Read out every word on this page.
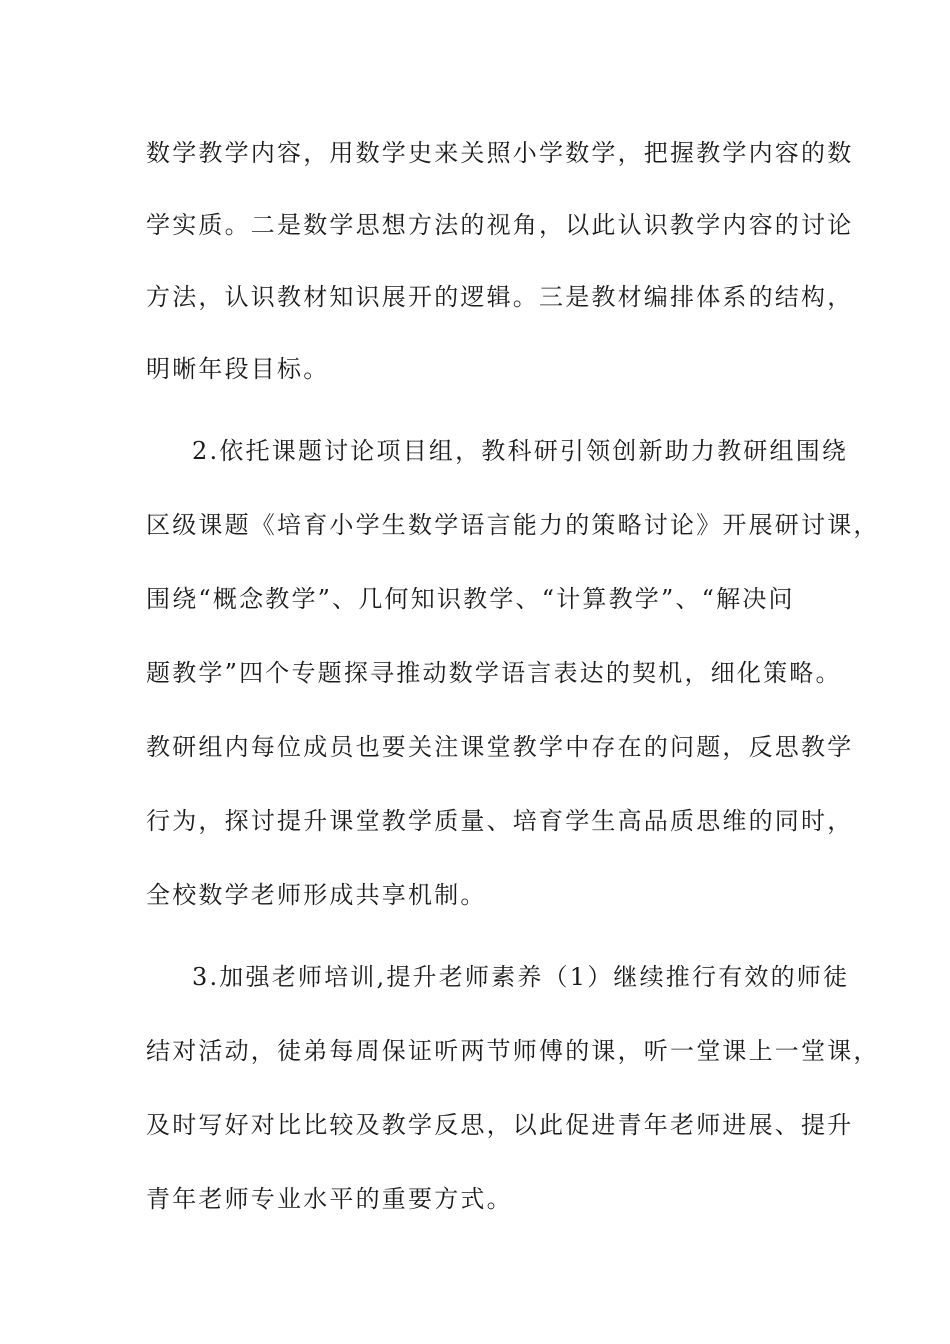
数学教学内容，用数学史来关照小学数学，把握教学内容的数
学实质。二是数学思想方法的视角，以此认识教学内容的讨论
方法，认识教材知识展开的逻辑。三是教材编排体系的结构，
明晰年段目标。
2.依托课题讨论项目组，教科研引领创新助力教研组围绕
区级课题《培育小学生数学语言能力的策略讨论》开展研讨课，
围绕“概念教学”、几何知识教学、“计算教学”、“解决问
题教学”四个专题探寻推动数学语言表达的契机，细化策略。
教研组内每位成员也要关注课堂教学中存在的问题，反思教学
行为，探讨提升课堂教学质量、培育学生高品质思维的同时，
全校数学老师形成共享机制。
3.加强老师培训,提升老师素养（1）继续推行有效的师徒
结对活动，徒弟每周保证听两节师傅的课，听一堂课上一堂课，
及时写好对比比较及教学反思，以此促进青年老师进展、提升
青年老师专业水平的重要方式。
